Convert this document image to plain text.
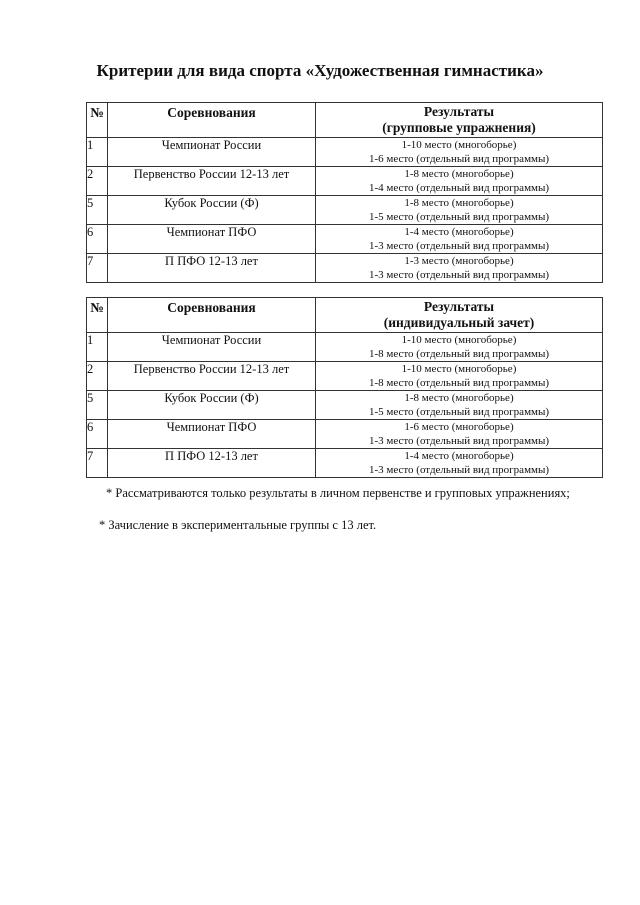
Критерии для вида спорта «Художественная гимнастика»
№	Соревнования	Результаты
(групповые упражнения)

1	Чемпионат России	1-10 место (многоборье)
1-6 место (отдельный вид программы)

2	Первенство России 12-13 лет	1-8 место (многоборье)
1-4 место (отдельный вид программы)

5	Кубок России (Ф)	1-8 место (многоборье)
1-5 место (отдельный вид программы)

6	Чемпионат ПФО	1-4 место (многоборье)
1-3 место (отдельный вид программы)

7	П ПФО 12-13 лет	1-3 место (многоборье)
1-3 место (отдельный вид программы)
№	Соревнования	Результаты
(индивидуальный зачет)

1	Чемпионат России	1-10 место (многоборье)
1-8 место (отдельный вид программы)

2	Первенство России 12-13 лет	1-10 место (многоборье)
1-8 место (отдельный вид программы)

5	Кубок России (Ф)	1-8 место (многоборье)
1-5 место (отдельный вид программы)

6	Чемпионат ПФО	1-6 место (многоборье)
1-3 место (отдельный вид программы)

7	П ПФО 12-13 лет	1-4 место (многоборье)
1-3 место (отдельный вид программы)
* Рассматриваются только результаты в личном первенстве и групповых упражнениях;
* Зачисление в экспериментальные группы с 13 лет.
